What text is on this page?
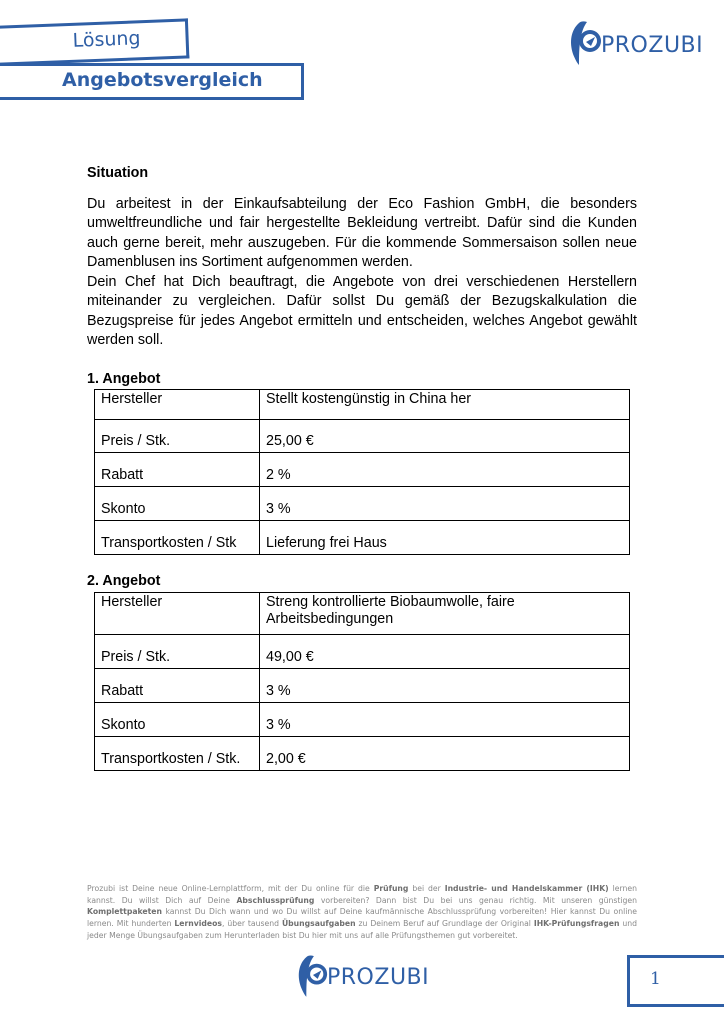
Lösung
Angebotsvergleich
PROZUBI

Situation

Du arbeitest in der Einkaufsabteilung der Eco Fashion GmbH, die besonders

umweltfreundliche und fair hergestellte Bekleidung vertreibt. Dafür sind die Kunden

auch gerne bereit, mehr auszugeben. Für die kommende Sommersaison sollen neue

Damenblusen ins Sortiment aufgenommen werden.

Dein Chef hat Dich beauftragt, die Angebote von drei verschiedenen Herstellern

miteinander zu vergleichen. Dafür sollst Du gemäß der Bezugskalkulation die

Bezugspreise für jedes Angebot ermitteln und entscheiden, welches Angebot gewählt

werden soll.

1. Angebot

Hersteller	Stellt kostengünstig in China her
Preis / Stk.	25,00 €
Rabatt	2 %
Skonto	3 %
Transportkosten / Stk	Lieferung frei Haus

2. Angebot

Hersteller	Streng kontrollierte Biobaumwolle, faire Arbeitsbedingungen
Preis / Stk.	49,00 €
Rabatt	3 %
Skonto	3 %
Transportkosten / Stk.	2,00 €
Prozubi ist Deine neue Online-Lernplattform, mit der Du online für die Prüfung bei der Industrie- und Handelskammer (IHK) lernen kannst. Du willst Dich auf Deine Abschlussprüfung vorbereiten? Dann bist Du bei uns genau richtig. Mit unseren günstigen Komplettpaketen kannst Du Dich wann und wo Du willst auf Deine kaufmännische Abschlussprüfung vorbereiten! Hier kannst Du online lernen. Mit hunderten Lernvideos, über tausend Übungsaufgaben zu Deinem Beruf auf Grundlage der Original IHK-Prüfungsfragen und jeder Menge Übungsaufgaben zum Herunterladen bist Du hier mit uns auf alle Prüfungsthemen gut vorbereitet.
PROZUBI	1
